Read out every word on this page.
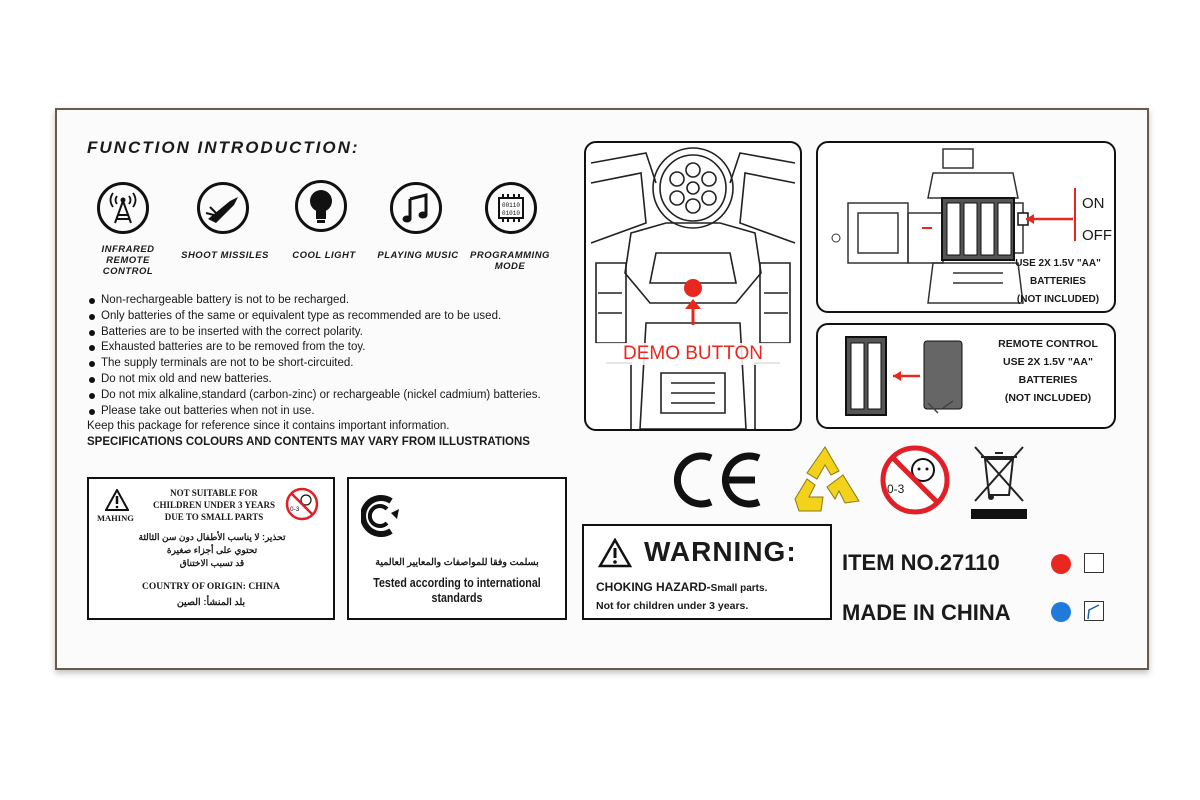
FUNCTION INTRODUCTION:
INFRARED REMOTE CONTROL
SHOOT MISSILES	COOL LIGHT	PLAYING MUSIC
00110
01010
PROGRAMMING MODE
Non-rechargeable battery is not to be recharged.
Only batteries of the same or equivalent type as recommended are to be used.
Batteries are to be inserted with the correct polarity.
Exhausted batteries are to be removed from the toy.
The supply terminals are not to be short-circuited.
Do not mix old and new batteries.
Do not mix alkaline,standard (carbon-zinc) or rechargeable (nickel cadmium) batteries.
Please take out batteries when not in use.
Keep this package for reference since it contains important information.
SPECIFICATIONS COLOURS AND CONTENTS MAY VARY FROM ILLUSTRATIONS
DEMO BUTTON
ON
OFF
USE 2X 1.5V "AA"
BATTERIES
(NOT INCLUDED)
REMOTE CONTROL
USE 2X 1.5V "AA"
BATTERIES
(NOT INCLUDED)
0-3
MAHING
NOT SUITABLE FOR
CHILDREN UNDER 3 YEARS
DUE TO SMALL PARTS
0-3
تحذير: لا يناسب الأطفال دون سن الثالثة
تحتوي على أجزاء صغيرة
قد تسبب الاختناق
COUNTRY OF ORIGIN: CHINA
بلد المنشأ: الصين
بسلمت وفقا للمواصفات والمعايير العالمية
Tested according to international standards
WARNING:
CHOKING HAZARD-Small parts.
Not for children under 3 years.
ITEM NO.27110
MADE IN CHINA
